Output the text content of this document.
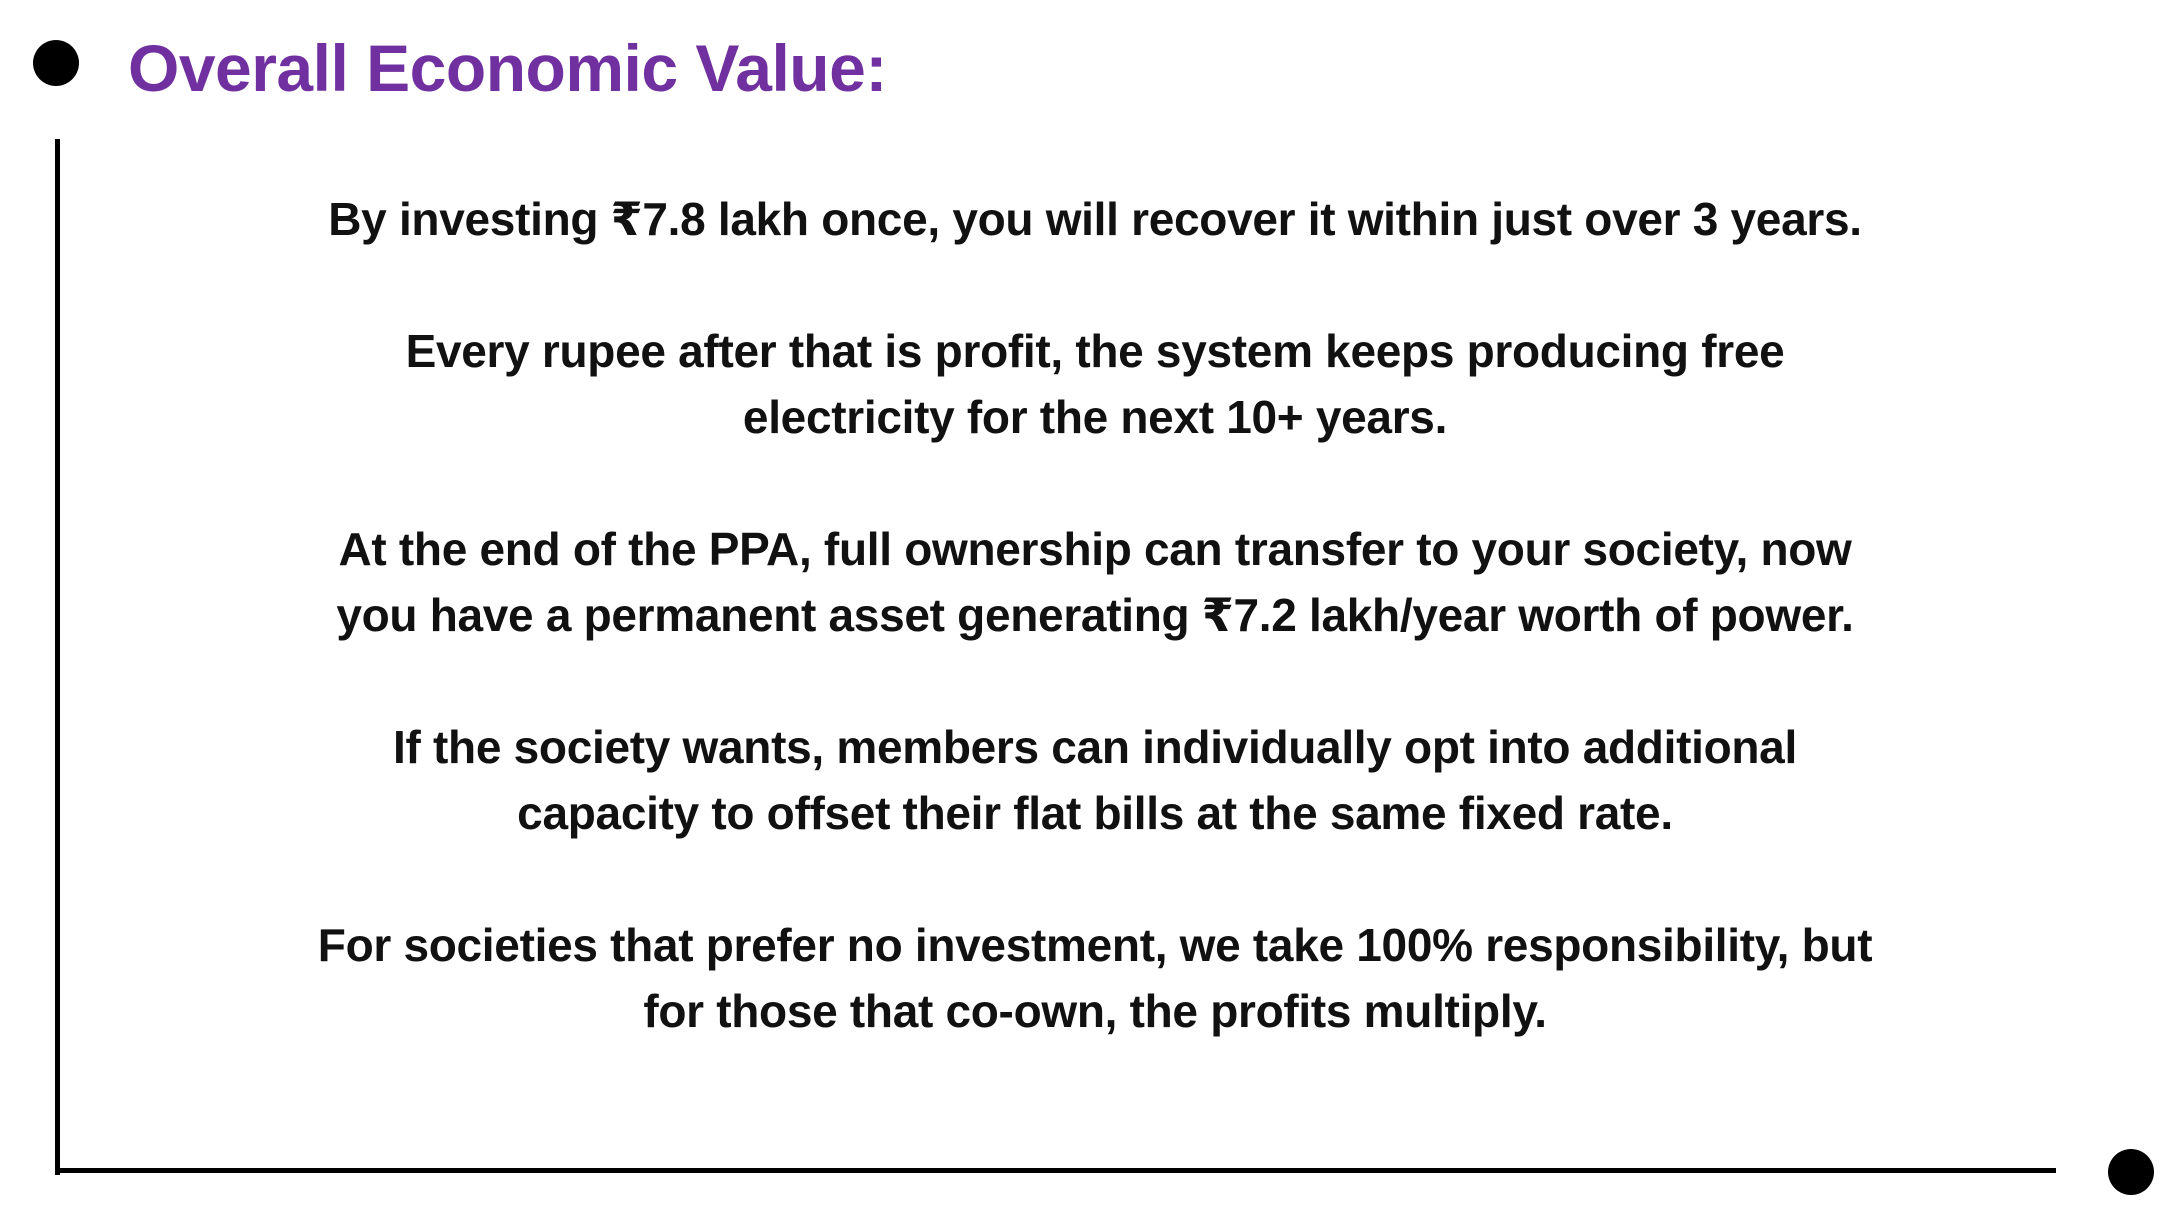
Overall Economic Value:

By investing ₹7.8 lakh once, you will recover it within just over 3 years.

Every rupee after that is profit, the system keeps producing free
electricity for the next 10+ years.

At the end of the PPA, full ownership can transfer to your society, now
you have a permanent asset generating ₹7.2 lakh/year worth of power.

If the society wants, members can individually opt into additional
capacity to offset their flat bills at the same fixed rate.

For societies that prefer no investment, we take 100% responsibility, but
for those that co-own, the profits multiply.
